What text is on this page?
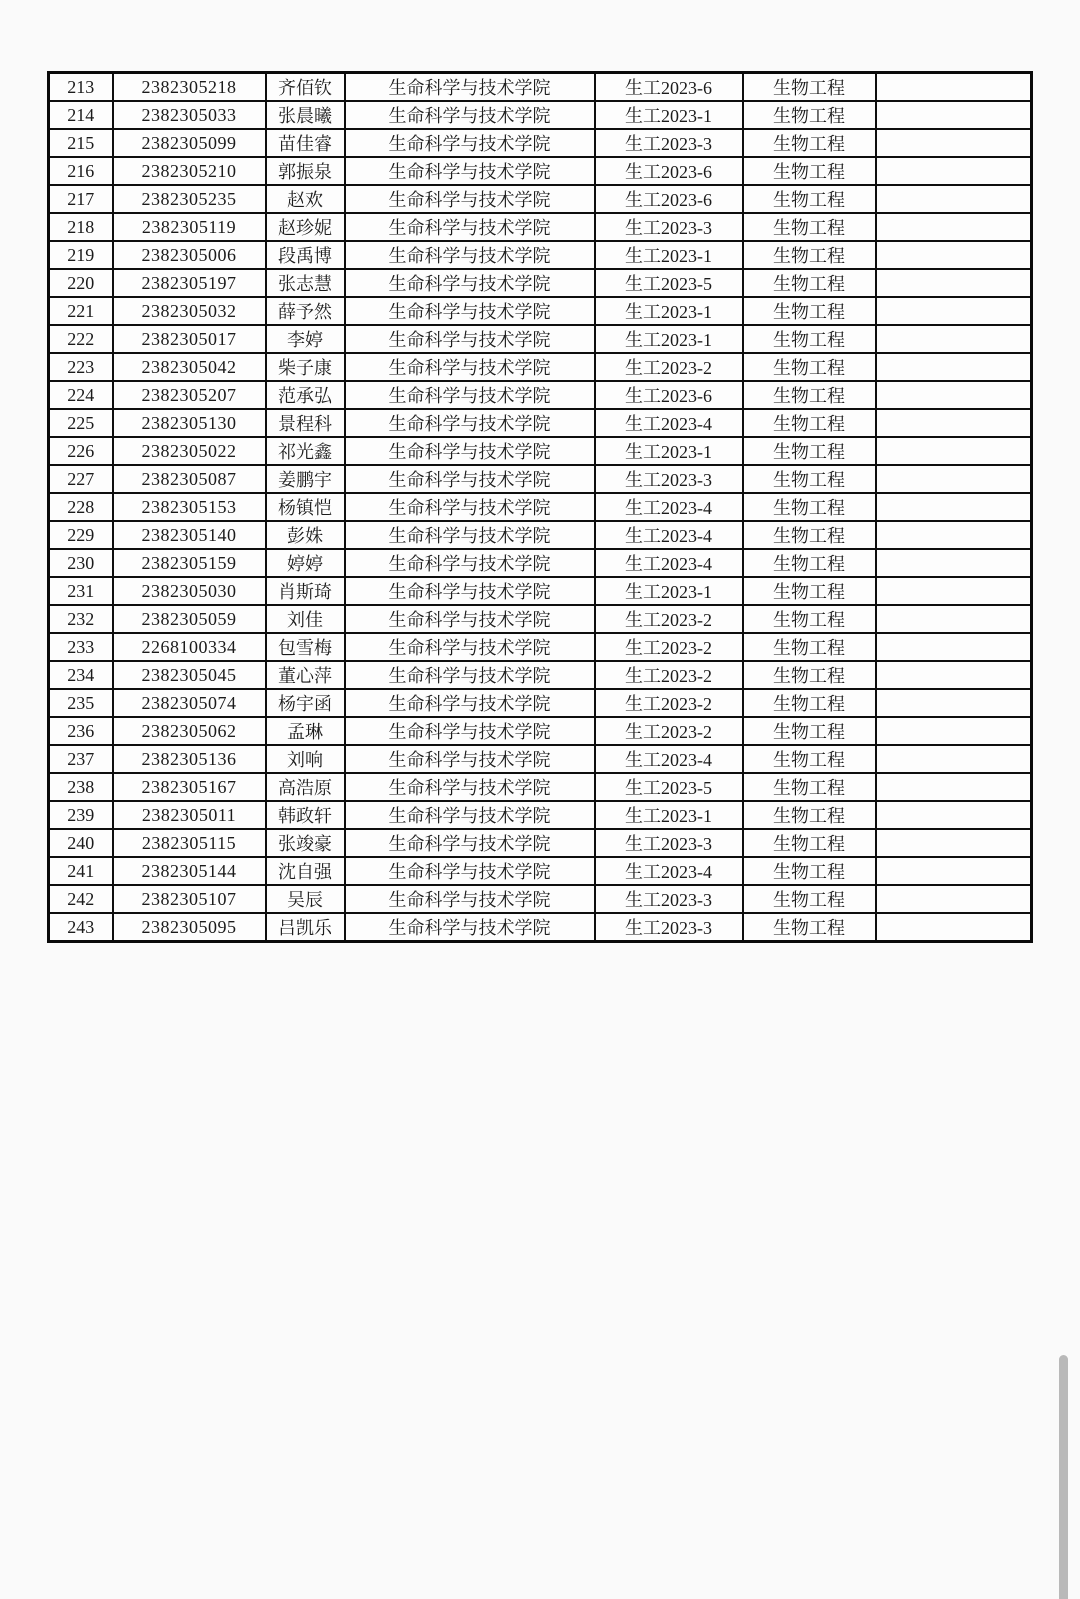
213	2382305218	齐佰钦	生命科学与技术学院	生工2023-6	生物工程	
214	2382305033	张晨曦	生命科学与技术学院	生工2023-1	生物工程	
215	2382305099	苗佳睿	生命科学与技术学院	生工2023-3	生物工程	
216	2382305210	郭振泉	生命科学与技术学院	生工2023-6	生物工程	
217	2382305235	赵欢	生命科学与技术学院	生工2023-6	生物工程	
218	2382305119	赵珍妮	生命科学与技术学院	生工2023-3	生物工程	
219	2382305006	段禹博	生命科学与技术学院	生工2023-1	生物工程	
220	2382305197	张志慧	生命科学与技术学院	生工2023-5	生物工程	
221	2382305032	薛予然	生命科学与技术学院	生工2023-1	生物工程	
222	2382305017	李婷	生命科学与技术学院	生工2023-1	生物工程	
223	2382305042	柴子康	生命科学与技术学院	生工2023-2	生物工程	
224	2382305207	范承弘	生命科学与技术学院	生工2023-6	生物工程	
225	2382305130	景程科	生命科学与技术学院	生工2023-4	生物工程	
226	2382305022	祁光鑫	生命科学与技术学院	生工2023-1	生物工程	
227	2382305087	姜鹏宇	生命科学与技术学院	生工2023-3	生物工程	
228	2382305153	杨镇恺	生命科学与技术学院	生工2023-4	生物工程	
229	2382305140	彭姝	生命科学与技术学院	生工2023-4	生物工程	
230	2382305159	婷婷	生命科学与技术学院	生工2023-4	生物工程	
231	2382305030	肖斯琦	生命科学与技术学院	生工2023-1	生物工程	
232	2382305059	刘佳	生命科学与技术学院	生工2023-2	生物工程	
233	2268100334	包雪梅	生命科学与技术学院	生工2023-2	生物工程	
234	2382305045	董心萍	生命科学与技术学院	生工2023-2	生物工程	
235	2382305074	杨宇函	生命科学与技术学院	生工2023-2	生物工程	
236	2382305062	孟琳	生命科学与技术学院	生工2023-2	生物工程	
237	2382305136	刘响	生命科学与技术学院	生工2023-4	生物工程	
238	2382305167	高浩原	生命科学与技术学院	生工2023-5	生物工程	
239	2382305011	韩政轩	生命科学与技术学院	生工2023-1	生物工程	
240	2382305115	张竣豪	生命科学与技术学院	生工2023-3	生物工程	
241	2382305144	沈自强	生命科学与技术学院	生工2023-4	生物工程	
242	2382305107	吴辰	生命科学与技术学院	生工2023-3	生物工程	
243	2382305095	吕凯乐	生命科学与技术学院	生工2023-3	生物工程	
